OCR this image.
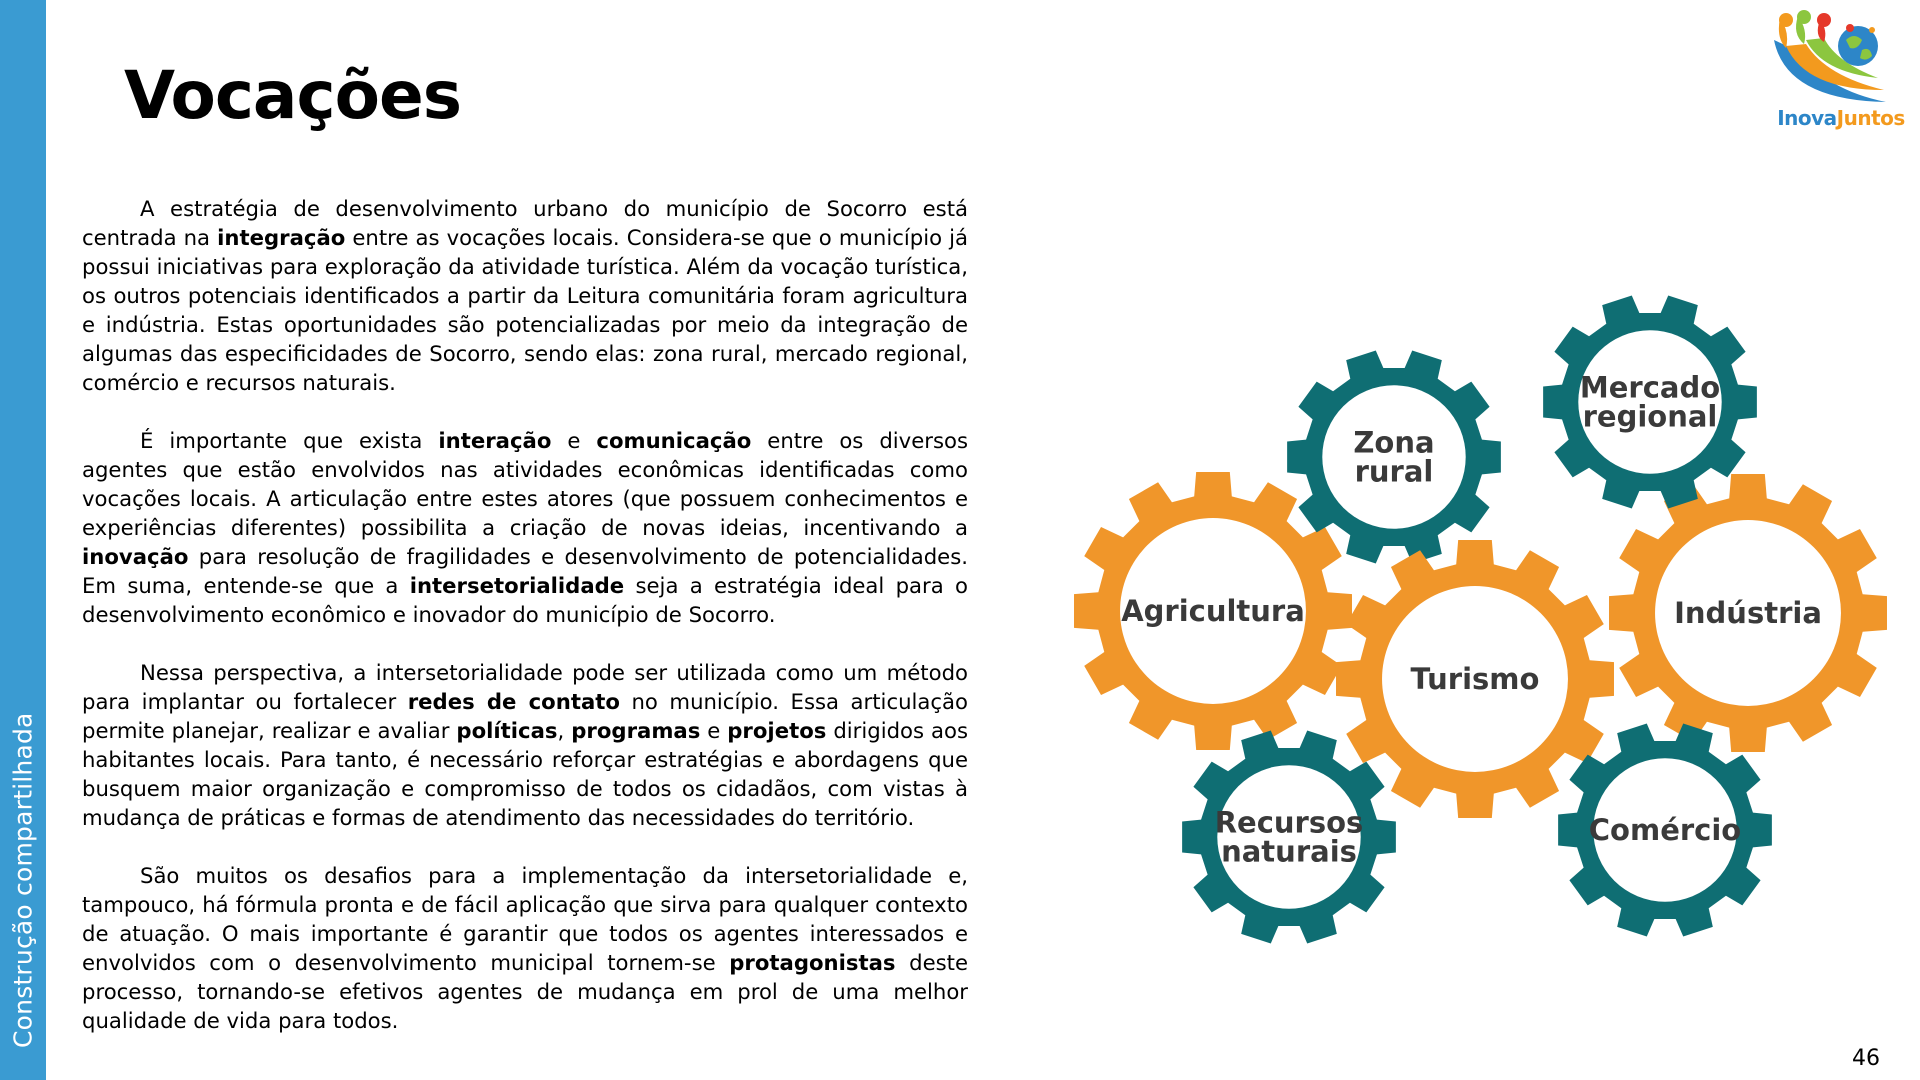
Construção compartilhada
Vocações

A estratégia de desenvolvimento urbano do município de Socorro está centrada na integração entre as vocações locais. Considera-se que o município já possui iniciativas para exploração da atividade turística. Além da vocação turística, os outros potenciais identificados a partir da Leitura comunitária foram agricultura e indústria. Estas oportunidades são potencializadas por meio da integração de algumas das especificidades de Socorro, sendo elas: zona rural, mercado regional, comércio e recursos naturais.

É importante que exista interação e comunicação entre os diversos agentes que estão envolvidos nas atividades econômicas identificadas como vocações locais. A articulação entre estes atores (que possuem conhecimentos e experiências diferentes) possibilita a criação de novas ideias, incentivando a inovação para resolução de fragilidades e desenvolvimento de potencialidades. Em suma, entende-se que a intersetorialidade seja a estratégia ideal para o desenvolvimento econômico e inovador do município de Socorro.

Nessa perspectiva, a intersetorialidade pode ser utilizada como um método para implantar ou fortalecer redes de contato no município. Essa articulação permite planejar, realizar e avaliar políticas, programas e projetos dirigidos aos habitantes locais. Para tanto, é necessário reforçar estratégias e abordagens que busquem maior organização e compromisso de todos os cidadãos, com vistas à mudança de práticas e formas de atendimento das necessidades do território.

São muitos os desafios para a implementação da intersetorialidade e, tampouco, há fórmula pronta e de fácil aplicação que sirva para qualquer contexto de atuação. O mais importante é garantir que todos os agentes interessados e envolvidos com o desenvolvimento municipal tornem-se protagonistas deste processo, tornando-se efetivos agentes de mudança em prol de uma melhor qualidade de vida para todos.

InovaJuntos
Agricultura	Indústria
Zona rural
Mercado regional
Turismo
Recursos naturais
Comércio
46
